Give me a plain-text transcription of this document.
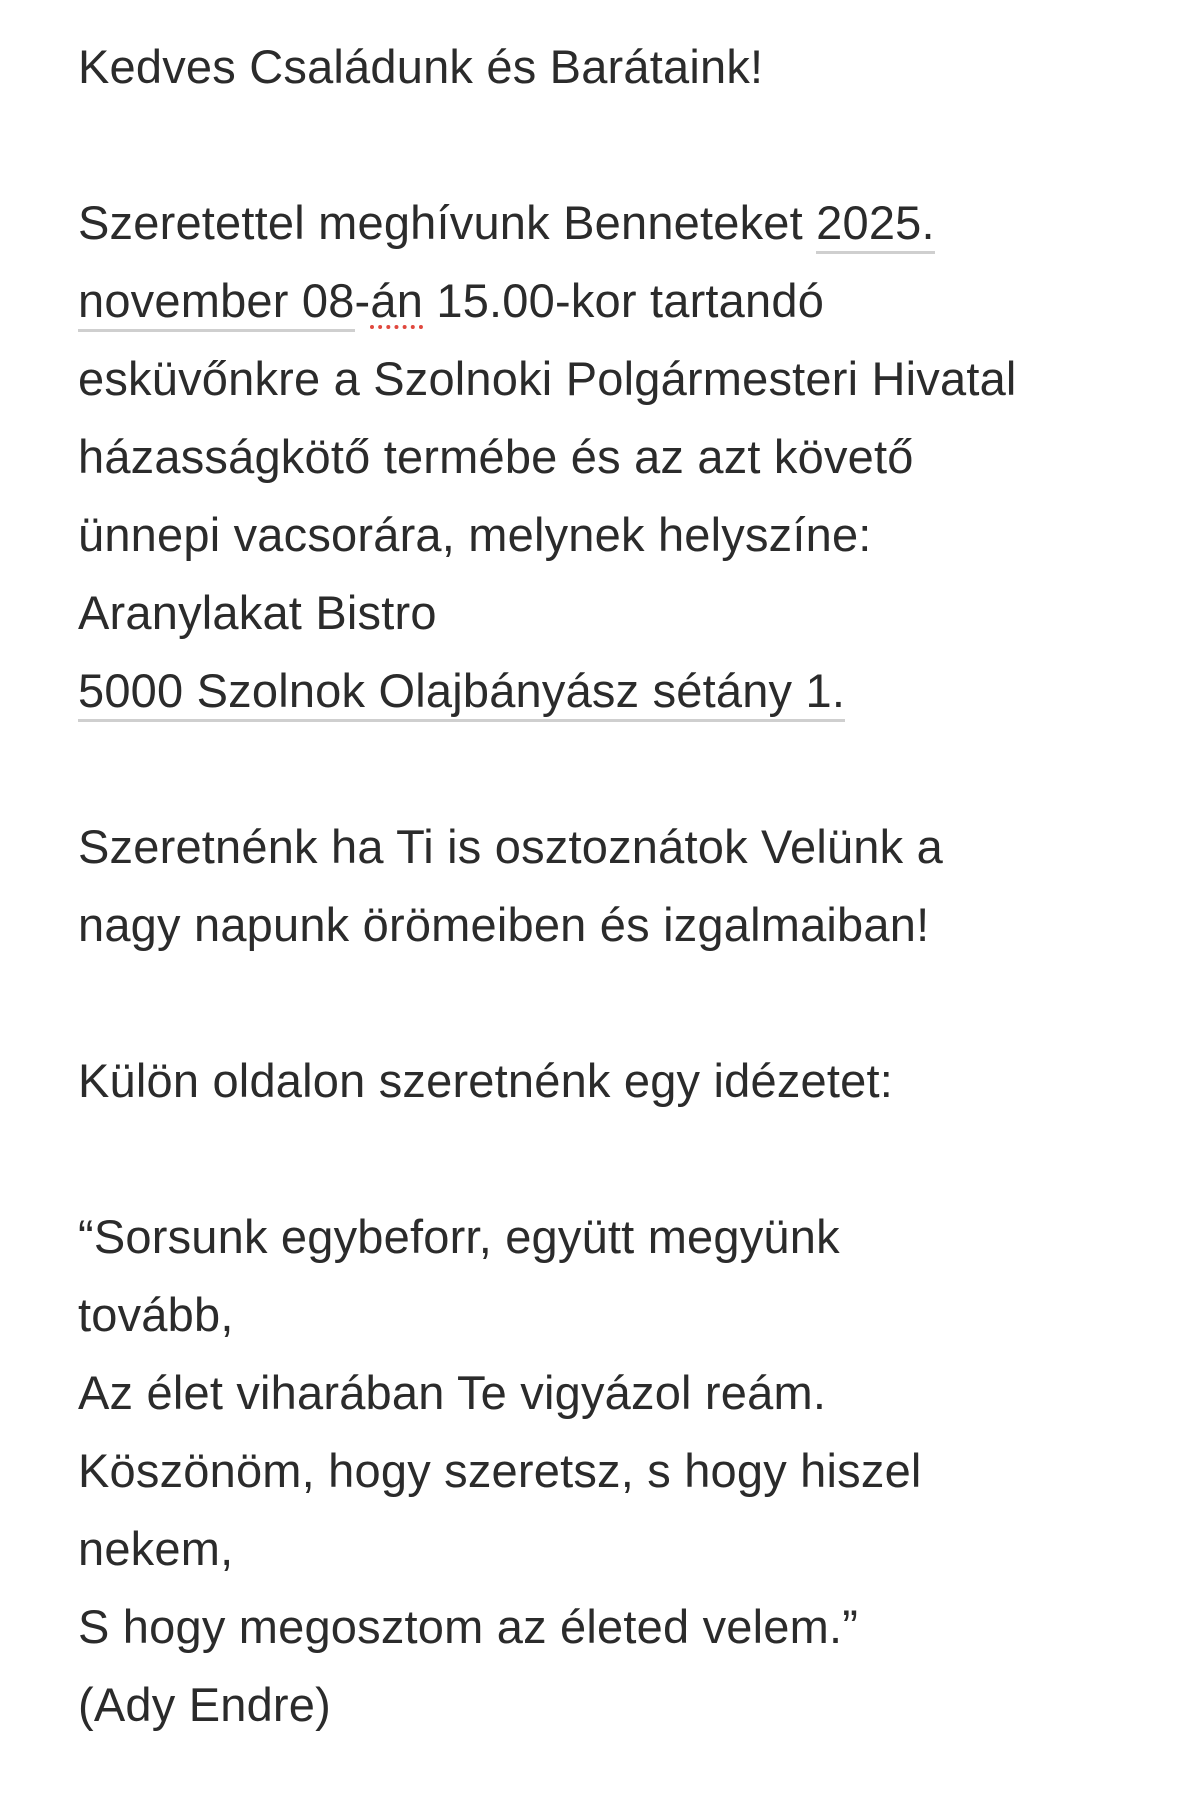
Kedves Családunk és Barátaink!
Szeretettel meghívunk Benneteket 2025.
november 08-án 15.00-kor tartandó
esküvőnkre a Szolnoki Polgármesteri Hivatal
házasságkötő termébe és az azt követő
ünnepi vacsorára, melynek helyszíne:
Aranylakat Bistro
5000 Szolnok Olajbányász sétány 1.
Szeretnénk ha Ti is osztoznátok Velünk a
nagy napunk örömeiben és izgalmaiban!
Külön oldalon szeretnénk egy idézetet:
“Sorsunk egybeforr, együtt megyünk
tovább,
Az élet viharában Te vigyázol reám.
Köszönöm, hogy szeretsz, s hogy hiszel
nekem,
S hogy megosztom az életed velem.”
(Ady Endre)
